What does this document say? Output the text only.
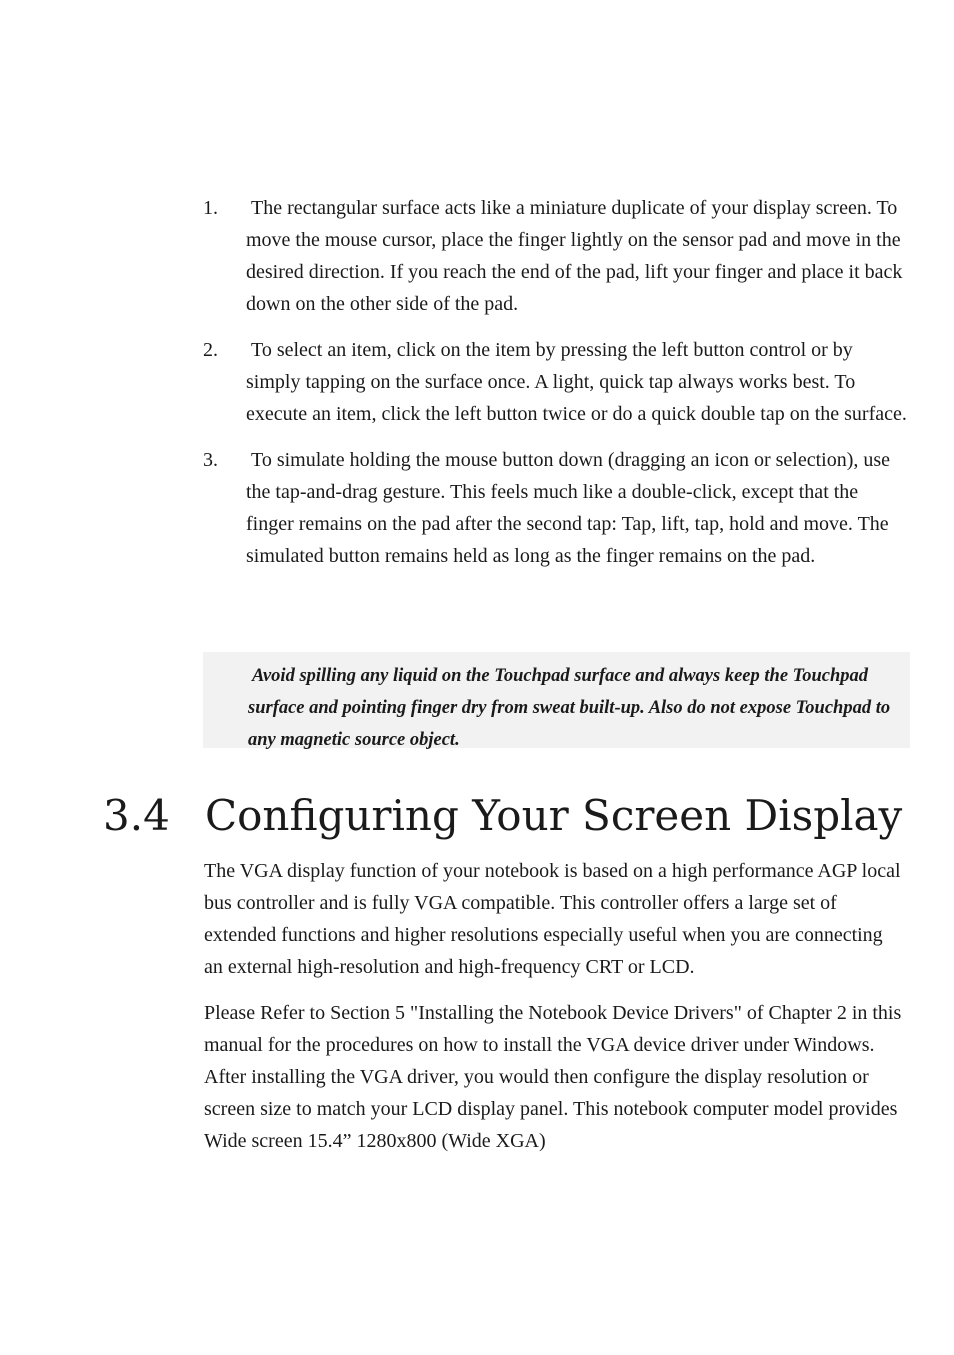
1. The rectangular surface acts like a miniature duplicate of your display screen. To move the mouse cursor, place the finger lightly on the sensor pad and move in the desired direction. If you reach the end of the pad, lift your finger and place it back down on the other side of the pad.
2. To select an item, click on the item by pressing the left button control or by simply tapping on the surface once. A light, quick tap always works best. To execute an item, click the left button twice or do a quick double tap on the surface.
3. To simulate holding the mouse button down (dragging an icon or selection), use the tap-and-drag gesture. This feels much like a double-click, except that the finger remains on the pad after the second tap: Tap, lift, tap, hold and move. The simulated button remains held as long as the finger remains on the pad.
Avoid spilling any liquid on the Touchpad surface and always keep the Touchpad surface and pointing finger dry from sweat built-up. Also do not expose Touchpad to any magnetic source object.
3.4 Configuring Your Screen Display

The VGA display function of your notebook is based on a high performance AGP local bus controller and is fully VGA compatible. This controller offers a large set of extended functions and higher resolutions especially useful when you are connecting an external high-resolution and high-frequency CRT or LCD.

Please Refer to Section 5 "Installing the Notebook Device Drivers" of Chapter 2 in this manual for the procedures on how to install the VGA device driver under Windows. After installing the VGA driver, you would then configure the display resolution or screen size to match your LCD display panel. This notebook computer model provides Wide screen 15.4” 1280x800 (Wide XGA)
